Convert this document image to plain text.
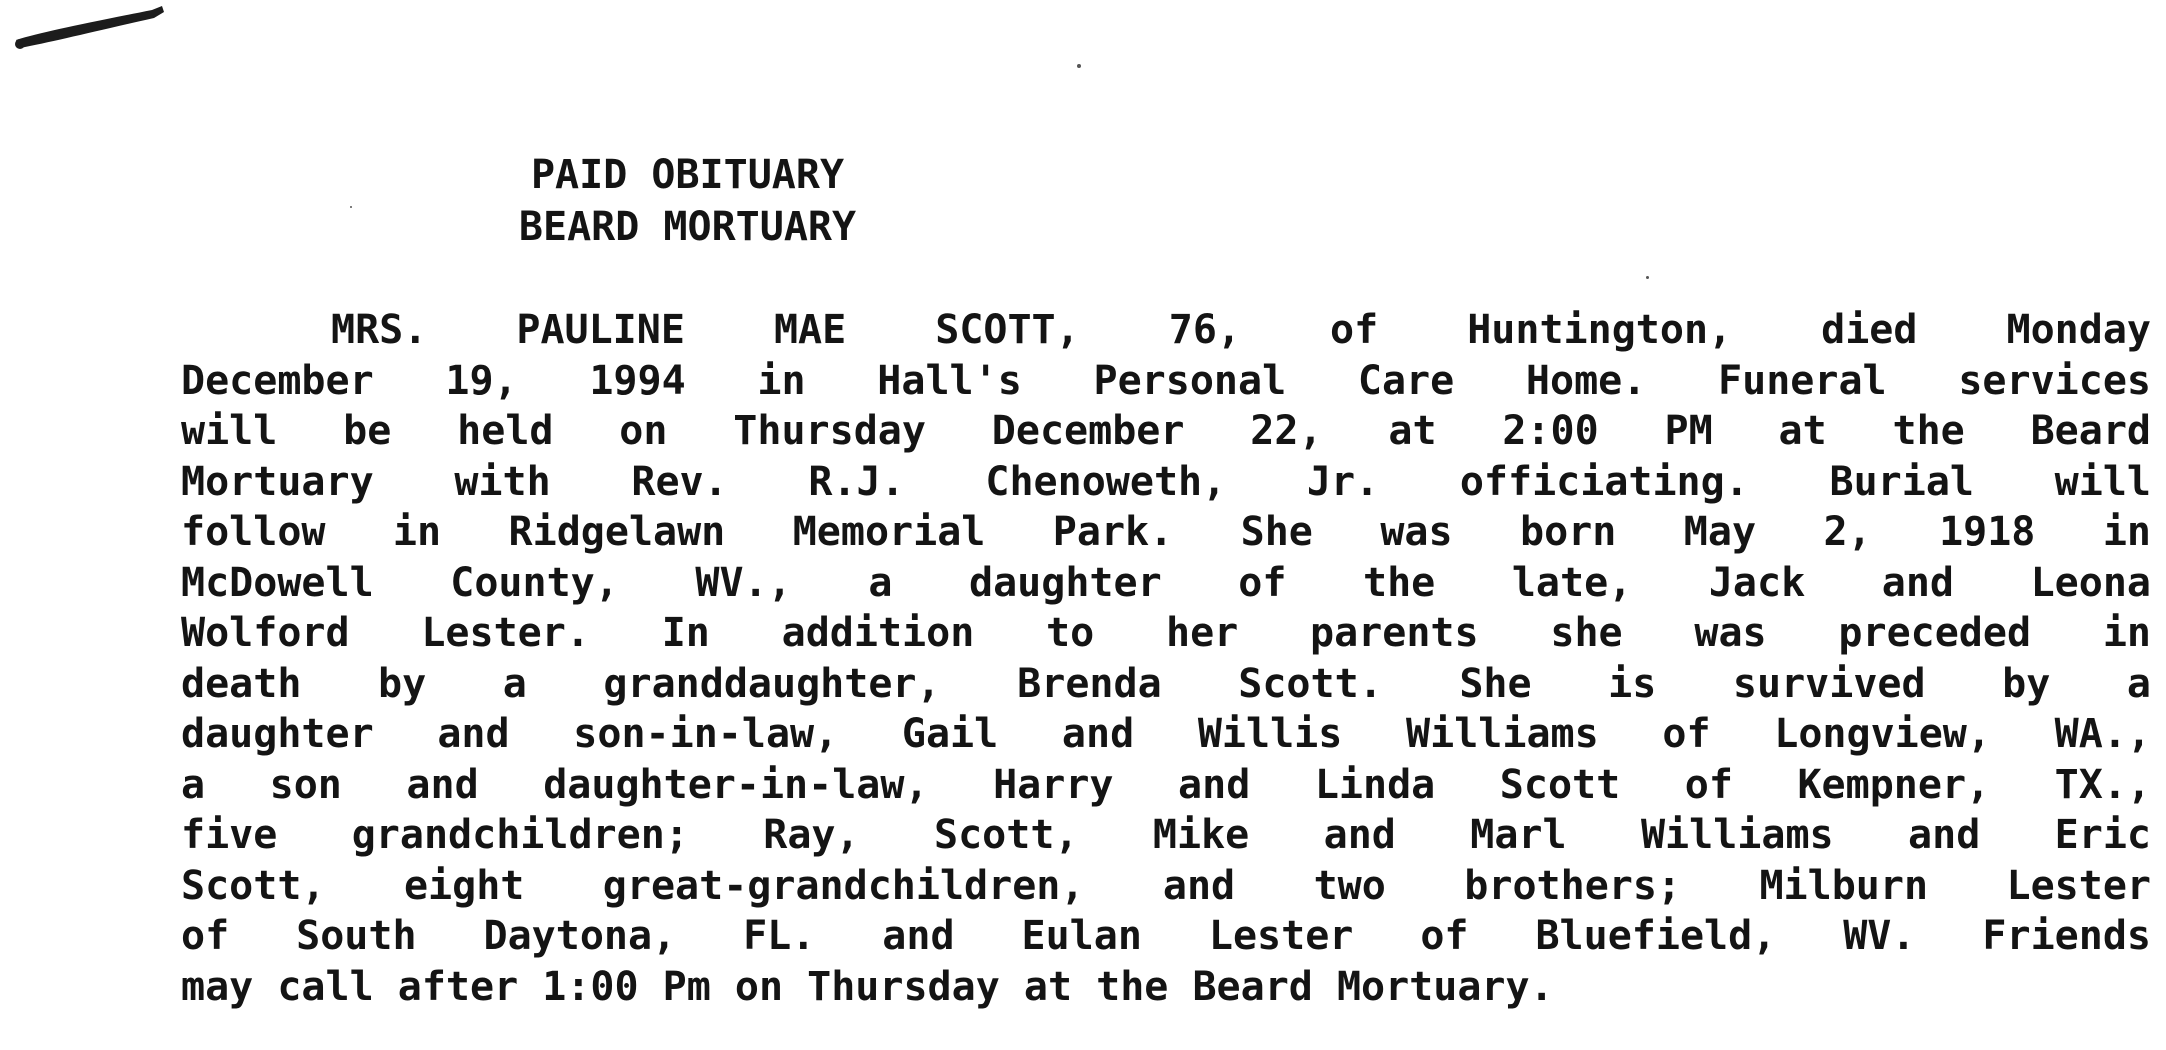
PAID OBITUARY
BEARD MORTUARY
MRS. PAULINE MAE SCOTT, 76, of Huntington, died Monday
December 19, 1994 in Hall's Personal Care Home. Funeral services
will be held on Thursday December 22, at 2:00 PM at the Beard
Mortuary with Rev. R.J. Chenoweth, Jr. officiating. Burial will
follow in Ridgelawn Memorial Park. She was born May 2, 1918 in
McDowell County, WV., a daughter of the late, Jack and Leona
Wolford Lester. In addition to her parents she was preceded in
death by a granddaughter, Brenda Scott. She is survived by a
daughter and son-in-law, Gail and Willis Williams of Longview, WA.,
a son and daughter-in-law, Harry and Linda Scott of Kempner, TX.,
five grandchildren; Ray, Scott, Mike and Marl Williams and Eric
Scott, eight great-grandchildren, and two brothers; Milburn Lester
of South Daytona, FL. and Eulan Lester of Bluefield, WV. Friends
may call after 1:00 Pm on Thursday at the Beard Mortuary.
